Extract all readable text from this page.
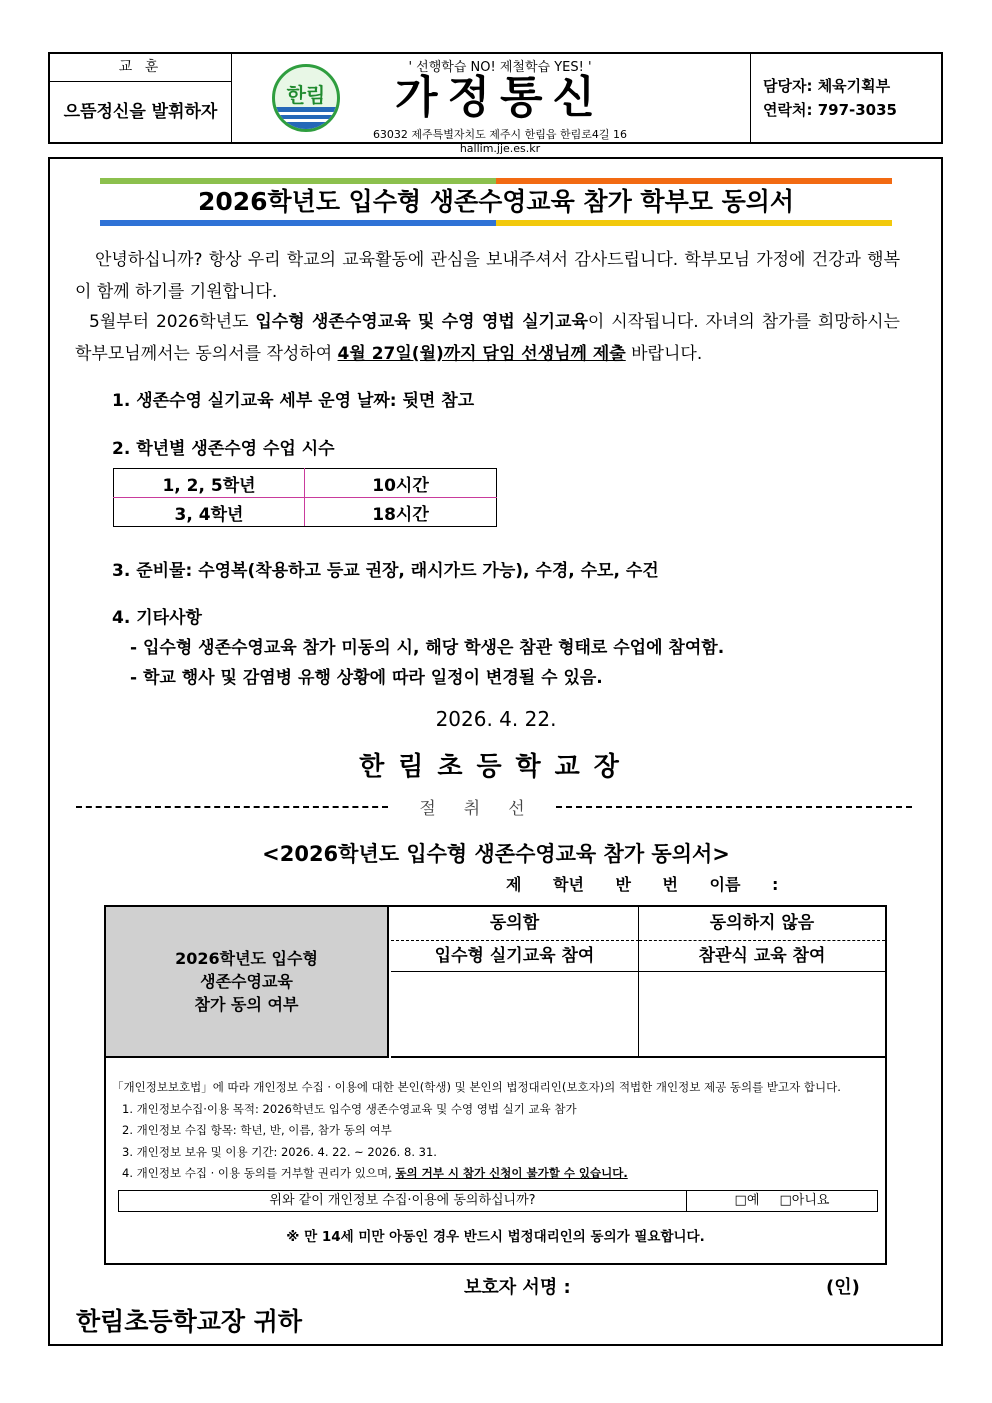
교 훈
으뜸정신을 발휘하자
한림
' 선행학습 NO! 제철학습 YES! '
가정통신
63032 제주특별자치도 제주시 한림읍 한림로4길 16 hallim.jje.es.kr
담당자: 체육기획부
연락처: 797-3035
2026학년도 입수형 생존수영교육 참가 학부모 동의서
안녕하십니까? 항상 우리 학교의 교육활동에 관심을 보내주셔서 감사드립니다. 학부모님 가정에 건강과 행복이 함께 하기를 기원합니다.
5월부터 2026학년도 입수형 생존수영교육 및 수영 영법 실기교육이 시작됩니다. 자녀의 참가를 희망하시는 학부모님께서는 동의서를 작성하여 4월 27일(월)까지 담임 선생님께 제출 바랍니다.
1. 생존수영 실기교육 세부 운영 날짜: 뒷면 참고
2. 학년별 생존수영 수업 시수
1, 2, 5학년	10시간
3, 4학년	18시간
3. 준비물: 수영복(착용하고 등교 권장, 래시가드 가능), 수경, 수모, 수건
4. 기타사항
- 입수형 생존수영교육 참가 미동의 시, 해당 학생은 참관 형태로 수업에 참여함.
- 학교 행사 및 감염병 유행 상황에 따라 일정이 변경될 수 있음.
2026. 4. 22.
한림초등학교장
절취선
<2026학년도 입수형 생존수영교육 참가 동의서>
제 학년 반 번 이름 :
2026학년도 입수형
생존수영교육
참가 동의 여부
동의함	동의하지 않음
입수형 실기교육 참여	참관식 교육 참여
「개인정보보호법」에 따라 개인정보 수집 · 이용에 대한 본인(학생) 및 본인의 법정대리인(보호자)의 적법한 개인정보 제공 동의를 받고자 합니다.
1. 개인정보수집·이용 목적: 2026학년도 입수영 생존수영교육 및 수영 영법 실기 교육 참가
2. 개인정보 수집 항목: 학년, 반, 이름, 참가 동의 여부
3. 개인정보 보유 및 이용 기간: 2026. 4. 22. ~ 2026. 8. 31.
4. 개인정보 수집 · 이용 동의를 거부할 권리가 있으며, 동의 거부 시 참가 신청이 불가할 수 있습니다.
위와 같이 개인정보 수집·이용에 동의하십니까?	□예 □아니요
※ 만 14세 미만 아동인 경우 반드시 법정대리인의 동의가 필요합니다.
보호자 서명 :	(인)
한림초등학교장 귀하
